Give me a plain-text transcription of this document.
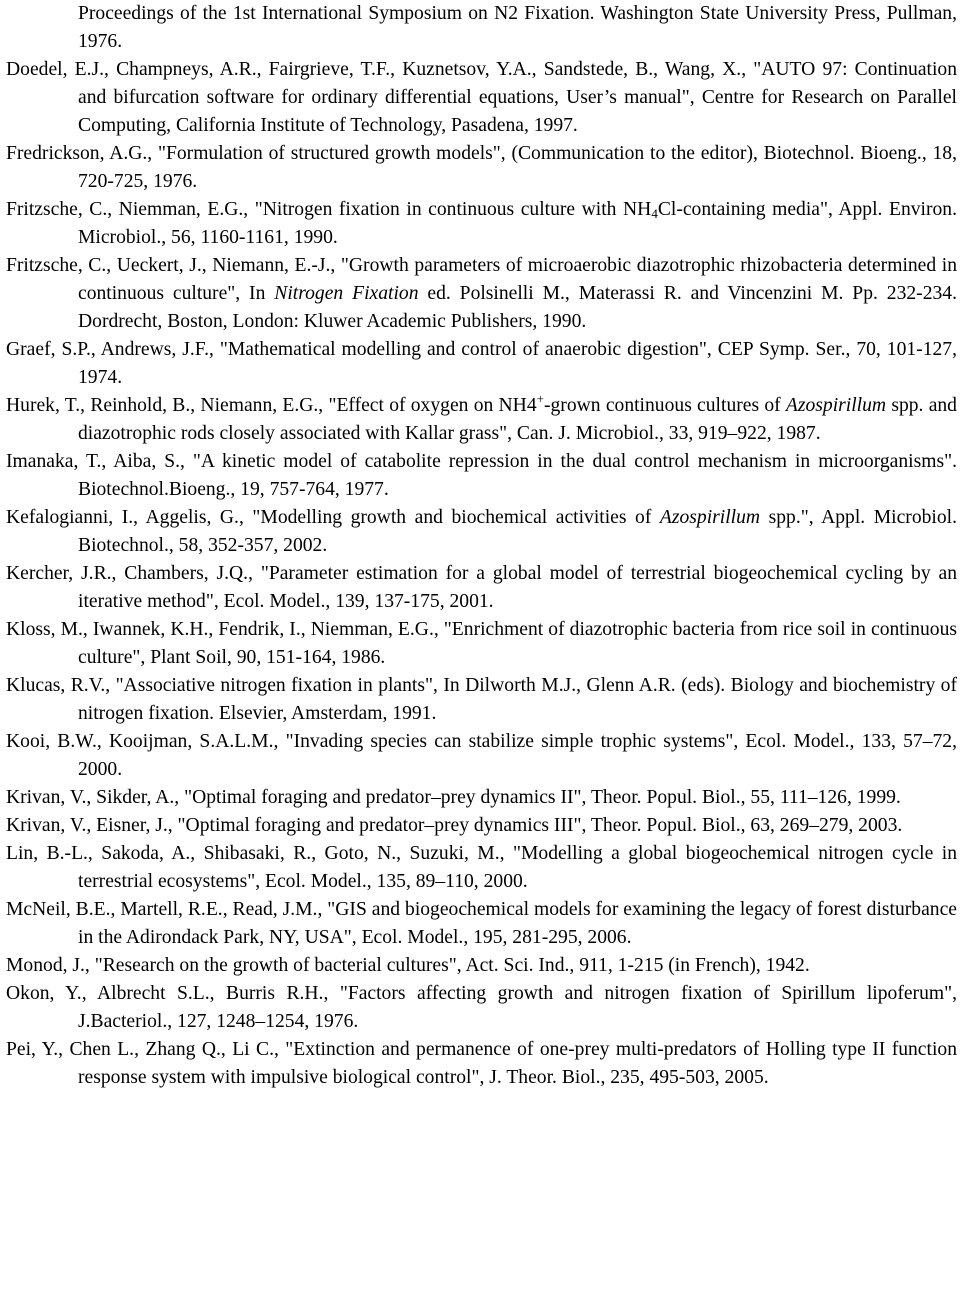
Proceedings of the 1st International Symposium on N2 Fixation. Washington State University Press, Pullman, 1976.

Doedel, E.J., Champneys, A.R., Fairgrieve, T.F., Kuznetsov, Y.A., Sandstede, B., Wang, X., "AUTO 97: Continuation and bifurcation software for ordinary differential equations, User’s manual", Centre for Research on Parallel Computing, California Institute of Technology, Pasadena, 1997.

Fredrickson, A.G., "Formulation of structured growth models", (Communication to the editor), Biotechnol. Bioeng., 18, 720-725, 1976.

Fritzsche, C., Niemman, E.G., "Nitrogen fixation in continuous culture with $NH_4Cl$-containing media", Appl. Environ. Microbiol., 56, 1160-1161, 1990.

Fritzsche, C., Ueckert, J., Niemann, E.-J., "Growth parameters of microaerobic diazotrophic rhizobacteria determined in continuous culture", In Nitrogen Fixation ed. Polsinelli M., Materassi R. and Vincenzini M. Pp. 232-234. Dordrecht, Boston, London: Kluwer Academic Publishers, 1990.

Graef, S.P., Andrews, J.F., "Mathematical modelling and control of anaerobic digestion", CEP Symp. Ser., 70, 101-127, 1974.

Hurek, T., Reinhold, B., Niemann, E.G., "Effect of oxygen on NH4+-grown continuous cultures of Azospirillum spp. and diazotrophic rods closely associated with Kallar grass", Can. J. Microbiol., 33, 919–922, 1987.

Imanaka, T., Aiba, S., "A kinetic model of catabolite repression in the dual control mechanism in microorganisms". Biotechnol.Bioeng., 19, 757-764, 1977.

Kefalogianni, I., Aggelis, G., "Modelling growth and biochemical activities of Azospirillum spp.", Appl. Microbiol. Biotechnol., 58, 352-357, 2002.

Kercher, J.R., Chambers, J.Q., "Parameter estimation for a global model of terrestrial biogeochemical cycling by an iterative method", Ecol. Model., 139, 137-175, 2001.

Kloss, M., Iwannek, K.H., Fendrik, I., Niemman, E.G., "Enrichment of diazotrophic bacteria from rice soil in continuous culture", Plant Soil, 90, 151-164, 1986.

Klucas, R.V., "Associative nitrogen fixation in plants", In Dilworth M.J., Glenn A.R. (eds). Biology and biochemistry of nitrogen fixation. Elsevier, Amsterdam, 1991.

Kooi, B.W., Kooijman, S.A.L.M., "Invading species can stabilize simple trophic systems", Ecol. Model., 133, 57–72, 2000.

Krivan, V., Sikder, A., "Optimal foraging and predator–prey dynamics II", Theor. Popul. Biol., 55, 111–126, 1999.

Krivan, V., Eisner, J., "Optimal foraging and predator–prey dynamics III", Theor. Popul. Biol., 63, 269–279, 2003.

Lin, B.-L., Sakoda, A., Shibasaki, R., Goto, N., Suzuki, M., "Modelling a global biogeochemical nitrogen cycle in terrestrial ecosystems", Ecol. Model., 135, 89–110, 2000.

McNeil, B.E., Martell, R.E., Read, J.M., "GIS and biogeochemical models for examining the legacy of forest disturbance in the Adirondack Park, NY, USA", Ecol. Model., 195, 281-295, 2006.

Monod, J., "Research on the growth of bacterial cultures", Act. Sci. Ind., 911, 1-215 (in French), 1942.

Okon, Y., Albrecht S.L., Burris R.H., "Factors affecting growth and nitrogen fixation of Spirillum lipoferum", J.Bacteriol., 127, 1248–1254, 1976.

Pei, Y., Chen L., Zhang Q., Li C., "Extinction and permanence of one-prey multi-predators of Holling type II function response system with impulsive biological control", J. Theor. Biol., 235, 495-503, 2005.
